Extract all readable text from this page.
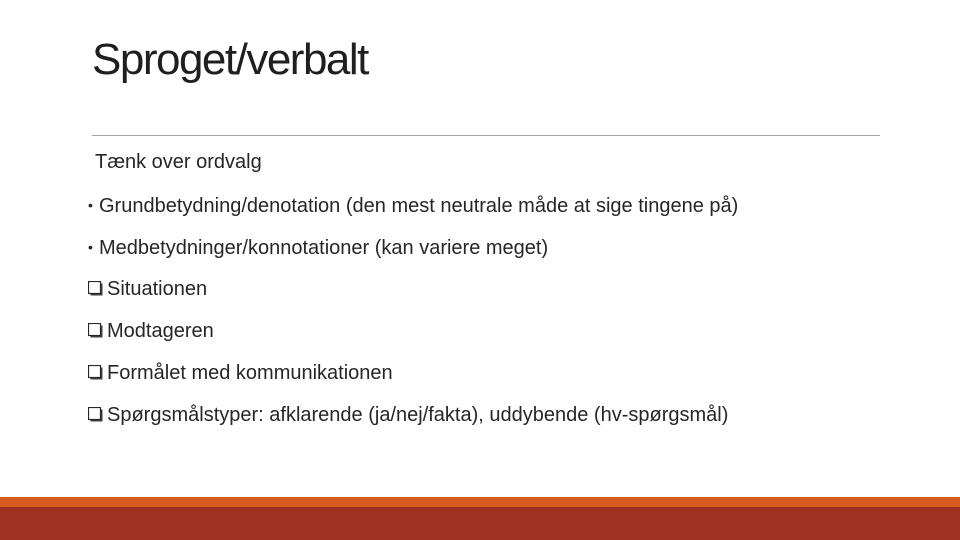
Sproget/verbalt
Tænk over ordvalg
• Grundbetydning/denotation (den mest neutrale måde at sige tingene på)
• Medbetydninger/konnotationer (kan variere meget)
Situationen
Modtageren
Formålet med kommunikationen
Spørgsmålstyper: afklarende (ja/nej/fakta), uddybende (hv-spørgsmål)
